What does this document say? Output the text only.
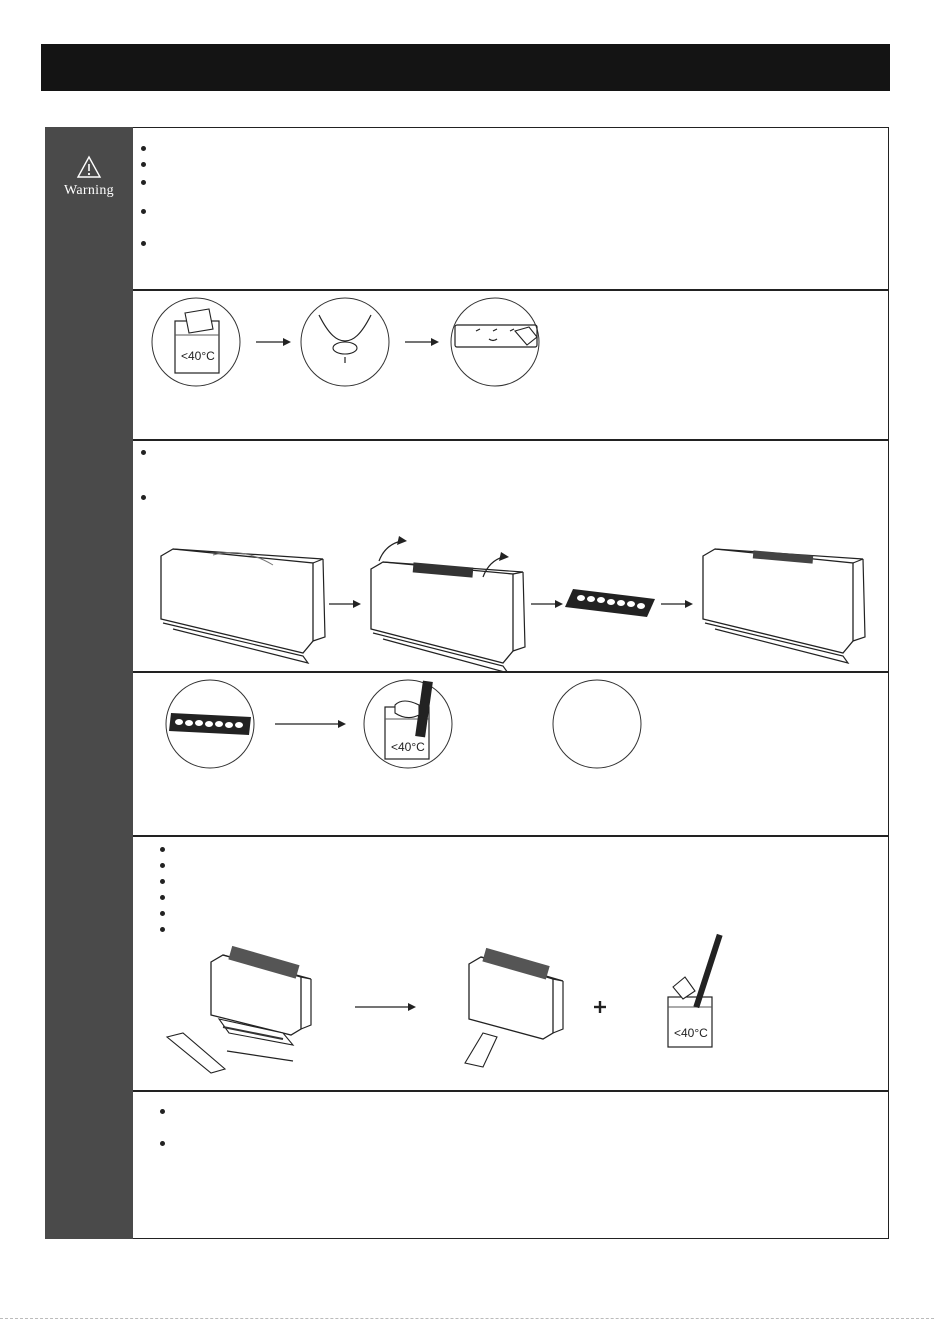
Warning
<40°C
<40°C
<40°C
